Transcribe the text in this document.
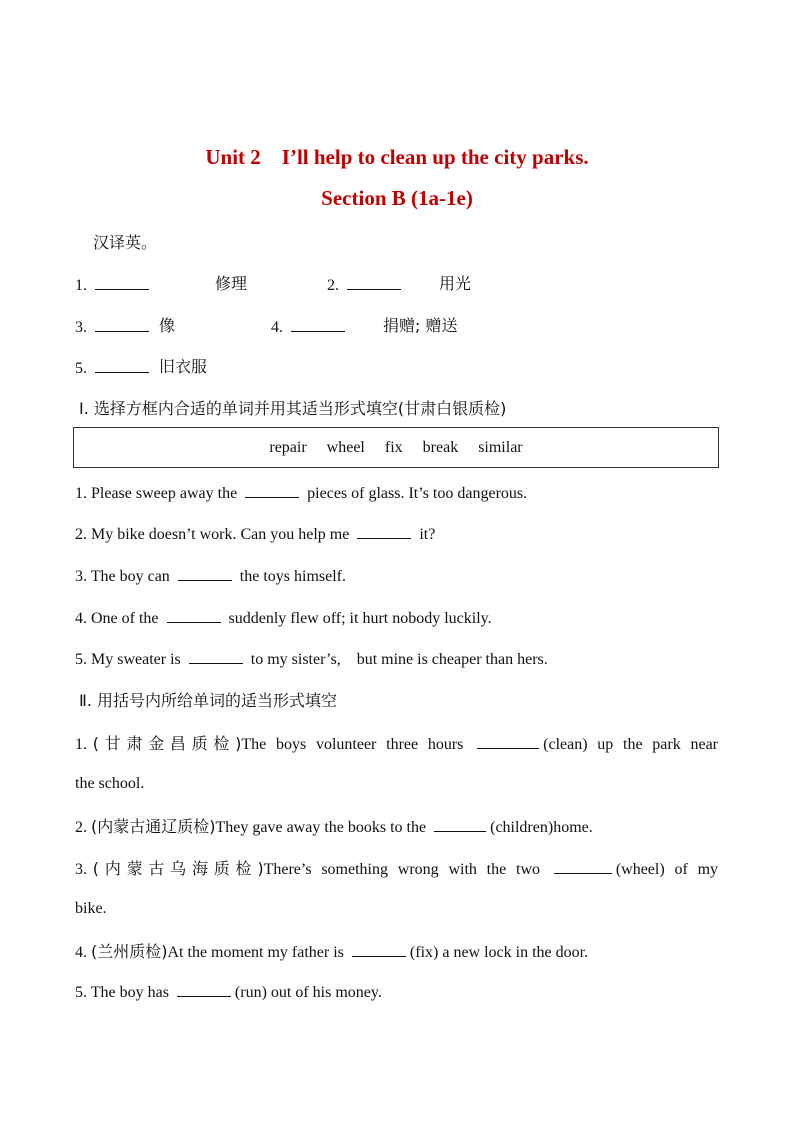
Unit 2    I’ll help to clean up the city parks.
Section B (1a-1e)
汉译英。
1.	修理	2.	用光
3.	像	4.	捐赠; 赠送
5.	旧衣服
Ⅰ. 选择方框内合适的单词并用其适当形式填空(甘肃白银质检)
repair wheel fix break similar
1. Please sweep away the	pieces of glass. It’s too dangerous.
2. My bike doesn’t work. Can you help me	it?
3. The boy can	the toys himself.
4. One of the	suddenly flew off; it hurt nobody luckily.
5. My sweater is	to my sister’s,    but mine is cheaper than hers.
Ⅱ. 用括号内所给单词的适当形式填空
1. (甘肃金昌质检)The boys volunteer three hours	(clean) up the park near
the school.
2. (内蒙古通辽质检)They gave away the books to the	(children)home.
3. (内蒙古乌海质检)There’s something wrong with the two	(wheel) of my
bike.
4. (兰州质检)At the moment my father is	(fix) a new lock in the door.
5. The boy has	(run) out of his money.
